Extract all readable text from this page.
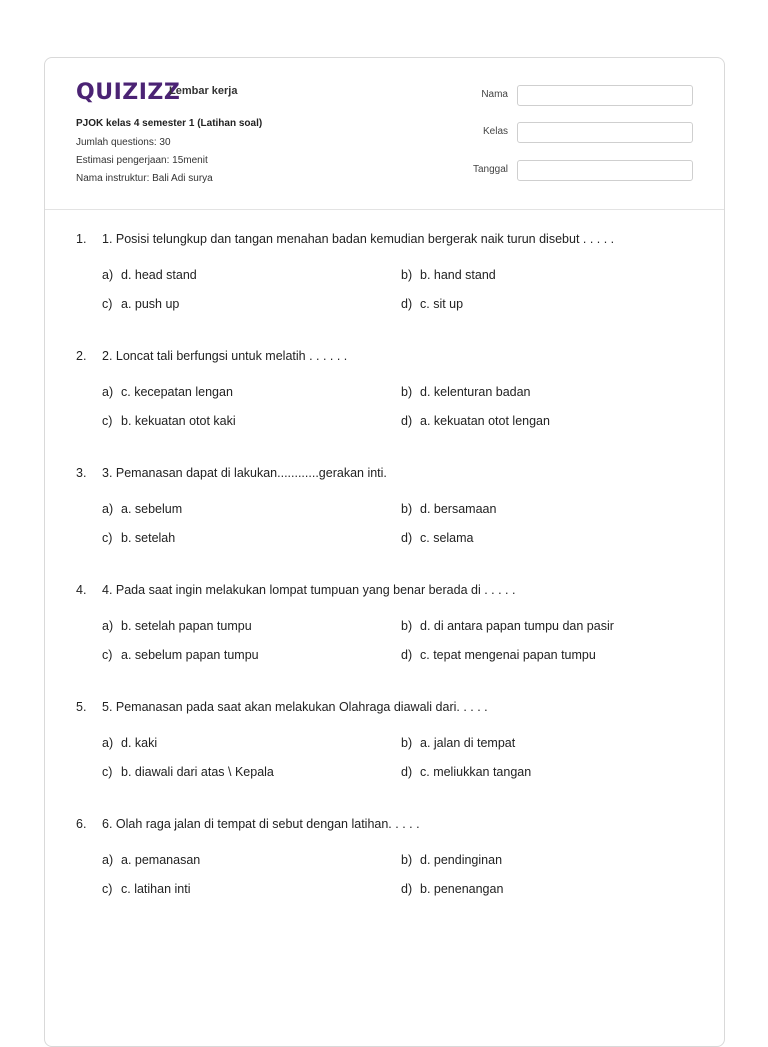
QUIZIZZ
Lembar kerja
PJOK kelas 4 semester 1 (Latihan soal)
Jumlah questions: 30
Estimasi pengerjaan: 15menit
Nama instruktur: Bali Adi surya
Nama
Kelas
Tanggal
1. 1. Posisi telungkup dan tangan menahan badan kemudian bergerak naik turun disebut . . . . .
a) d. head stand	b) b. hand stand
c) a. push up	d) c. sit up
2. 2. Loncat tali berfungsi untuk melatih . . . . . .
a) c. kecepatan lengan	b) d. kelenturan badan
c) b. kekuatan otot kaki	d) a. kekuatan otot lengan
3. 3. Pemanasan dapat di lakukan............gerakan inti.
a) a. sebelum	b) d. bersamaan
c) b. setelah	d) c. selama
4. 4. Pada saat ingin melakukan lompat tumpuan yang benar berada di . . . . .
a) b. setelah papan tumpu	b) d. di antara papan tumpu dan pasir
c) a. sebelum papan tumpu	d) c. tepat mengenai papan tumpu
5. 5. Pemanasan pada saat akan melakukan Olahraga diawali dari. . . . .
a) d. kaki	b) a. jalan di tempat
c) b. diawali dari atas \ Kepala	d) c. meliukkan tangan
6. 6. Olah raga jalan di tempat di sebut dengan latihan. . . . .
a) a. pemanasan	b) d. pendinginan
c) c. latihan inti	d) b. penenangan
